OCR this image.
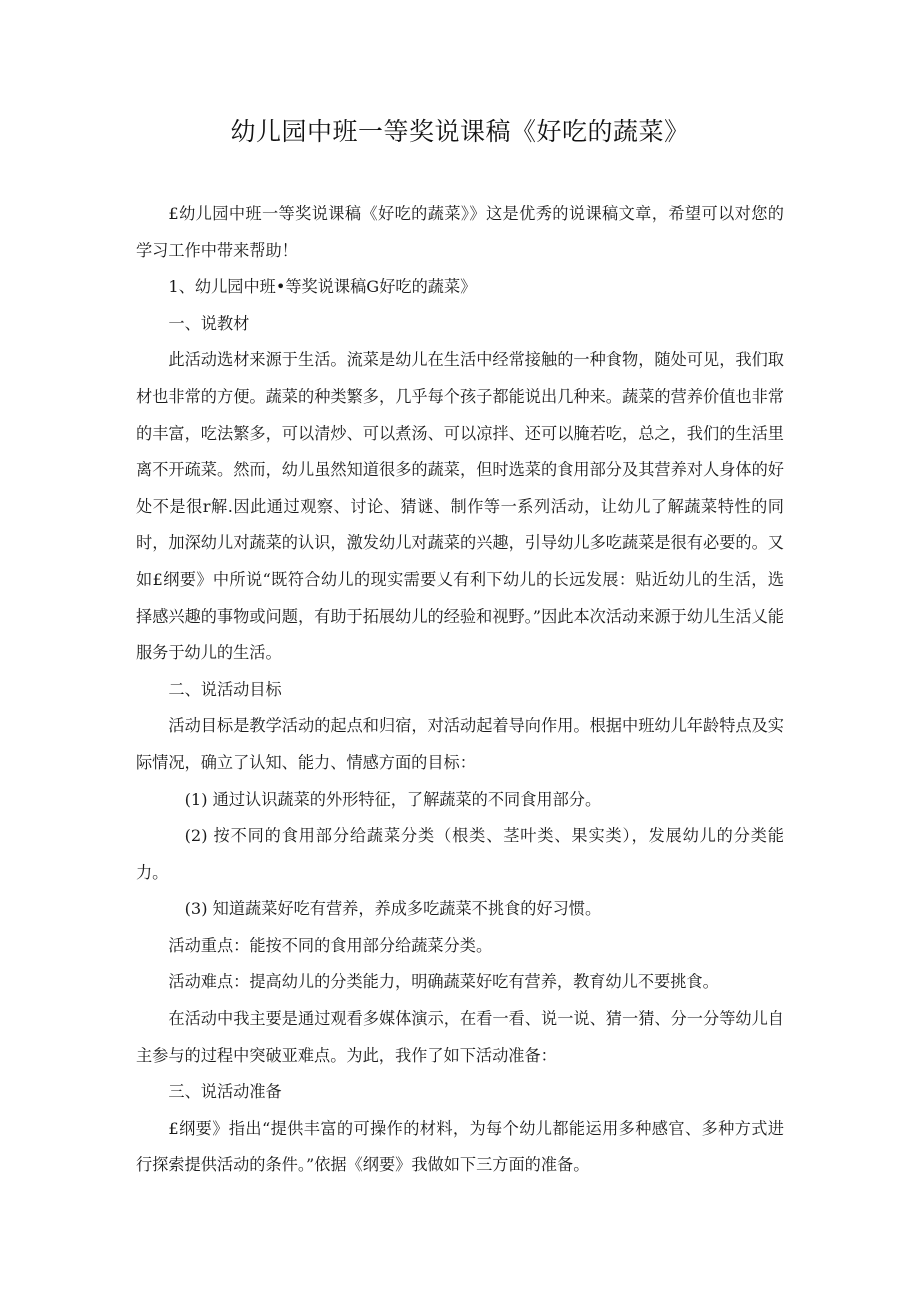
幼儿园中班一等奖说课稿《好吃的蔬菜》

£幼儿园中班一等奖说课稿《好吃的蔬菜》》这是优秀的说课稿文章，希望可以对您的学习工作中带来帮助！

1、幼儿园中班•等奖说课稿G好吃的蔬菜》

一、说教材

此活动选材来源于生活。流菜是幼儿在生活中经常接触的一种食物，随处可见，我们取材也非常的方便。蔬菜的种类繁多，几乎每个孩子都能说出几种来。蔬菜的营养价值也非常的丰富，吃法繁多，可以清炒、可以煮汤、可以凉拌、还可以腌若吃，总之，我们的生活里离不开疏菜。然而，幼儿虽然知道很多的蔬菜，但时选菜的食用部分及其营养对人身体的好处不是很r解.因此通过观察、讨论、猜谜、制作等一系列活动，让幼儿了解蔬菜特性的同时，加深幼儿对蔬菜的认识，激发幼儿对蔬菜的兴趣，引导幼儿多吃蔬菜是很有必要的。又如£纲要》中所说“既符合幼儿的现实需要乂有利下幼儿的长远发展：贴近幼儿的生活，选择感兴趣的事物或问题，有助于拓展幼儿的经验和视野。”因此本次活动来源于幼儿生活乂能服务于幼儿的生活。

二、说活动目标

活动目标是教学活动的起点和归宿，对活动起着导向作用。根据中班幼儿年龄特点及实际情况，确立了认知、能力、情感方面的目标：

(1) 通过认识蔬菜的外形特征，了解蔬菜的不同食用部分。

(2) 按不同的食用部分给蔬菜分类（根类、茎叶类、果实类），发展幼儿的分类能力。

(3) 知道蔬菜好吃有营养，养成多吃蔬菜不挑食的好习惯。

活动重点：能按不同的食用部分给蔬菜分类。

活动难点：提高幼儿的分类能力，明确蔬菜好吃有营养，教育幼儿不要挑食。

在活动中我主要是通过观看多媒体演示，在看一看、说一说、猜一猜、分一分等幼儿自主参与的过程中突破亚难点。为此，我作了如下活动准备：

三、说活动准备

£纲要》指出“提供丰富的可操作的材料，为每个幼儿都能运用多种感官、多种方式进行探索提供活动的条件。”依据《纲要》我做如下三方面的准备。
